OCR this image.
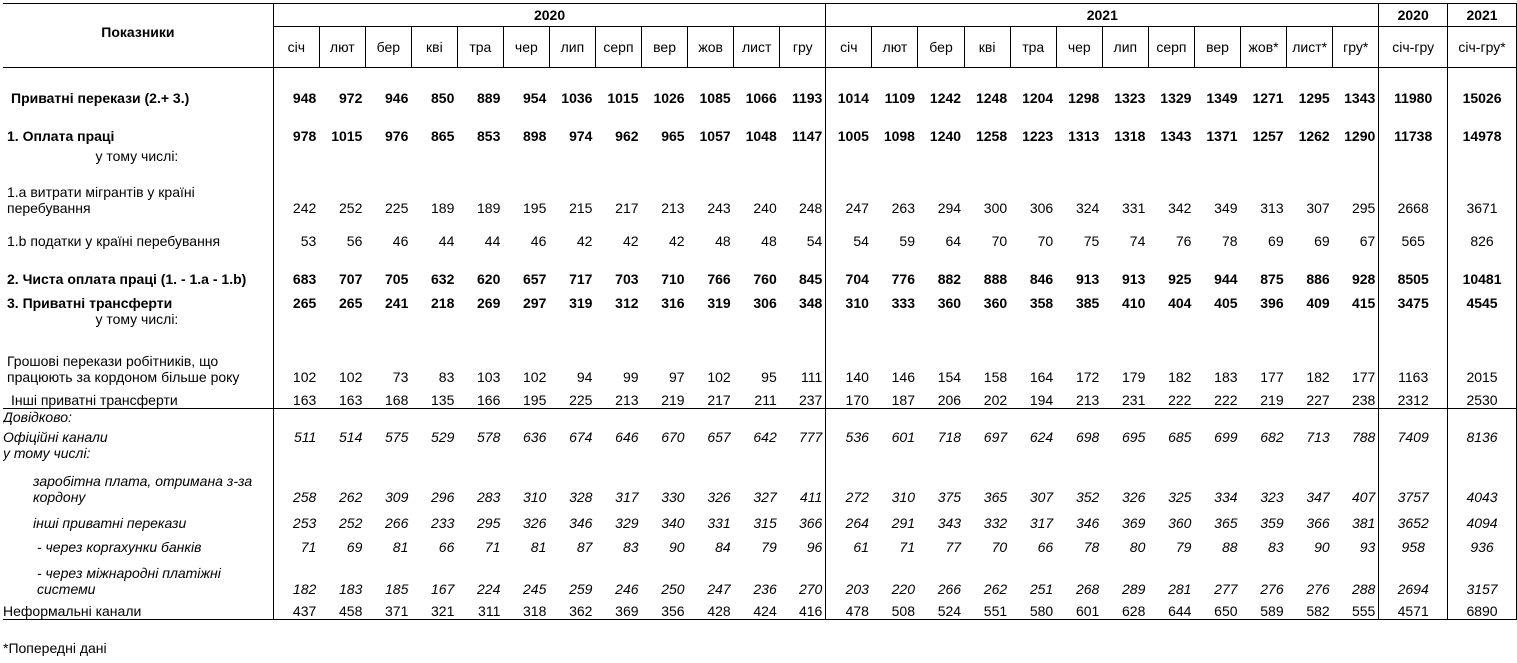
Показники	2020												2021												2020	2021
	січ	лют	бер	кві	тра	чер	лип	серп	вер	жов	лист	гру	січ	лют	бер	кві	тра	чер	лип	серп	вер	жов*	лист*	гру*	січ-гру	січ-гру*
Приватні перекази (2.+ 3.)	948	972	946	850	889	954	1036	1015	1026	1085	1066	1193	1014	1109	1242	1248	1204	1298	1323	1329	1349	1271	1295	1343	11980	15026
1. Оплата праці	978	1015	976	865	853	898	974	962	965	1057	1048	1147	1005	1098	1240	1258	1223	1313	1318	1343	1371	1257	1262	1290	11738	14978
у тому числі:																										
1.a витрати мігрантів у країні перебування	242	252	225	189	189	195	215	217	213	243	240	248	247	263	294	300	306	324	331	342	349	313	307	295	2668	3671
1.b податки у країні перебування	53	56	46	44	44	46	42	42	42	48	48	54	54	59	64	70	70	75	74	76	78	69	69	67	565	826
2. Чиста оплата праці (1. - 1.a - 1.b)	683	707	705	632	620	657	717	703	710	766	760	845	704	776	882	888	846	913	913	925	944	875	886	928	8505	10481
3. Приватні трансферти	265	265	241	218	269	297	319	312	316	319	306	348	310	333	360	360	358	385	410	404	405	396	409	415	3475	4545
у тому числі:																										
Грошові перекази робітників, що працюють за кордоном більше року	102	102	73	83	103	102	94	99	97	102	95	111	140	146	154	158	164	172	179	182	183	177	182	177	1163	2015
Інші приватні трансферти	163	163	168	135	166	195	225	213	219	217	211	237	170	187	206	202	194	213	231	222	222	219	227	238	2312	2530
Довідково:																										
Офіційні канали	511	514	575	529	578	636	674	646	670	657	642	777	536	601	718	697	624	698	695	685	699	682	713	788	7409	8136
у тому числі:																										
заробітна плата, отримана з-за кордону	258	262	309	296	283	310	328	317	330	326	327	411	272	310	375	365	307	352	326	325	334	323	347	407	3757	4043
інші приватні перекази	253	252	266	233	295	326	346	329	340	331	315	366	264	291	343	332	317	346	369	360	365	359	366	381	3652	4094
- через корrахунки банків	71	69	81	66	71	81	87	83	90	84	79	96	61	71	77	70	66	78	80	79	88	83	90	93	958	936
- через міжнародні платіжні системи	182	183	185	167	224	245	259	246	250	247	236	270	203	220	266	262	251	268	289	281	277	276	276	288	2694	3157
Неформальні канали	437	458	371	321	311	318	362	369	356	428	424	416	478	508	524	551	580	601	628	644	650	589	582	555	4571	6890
*Попередні дані
